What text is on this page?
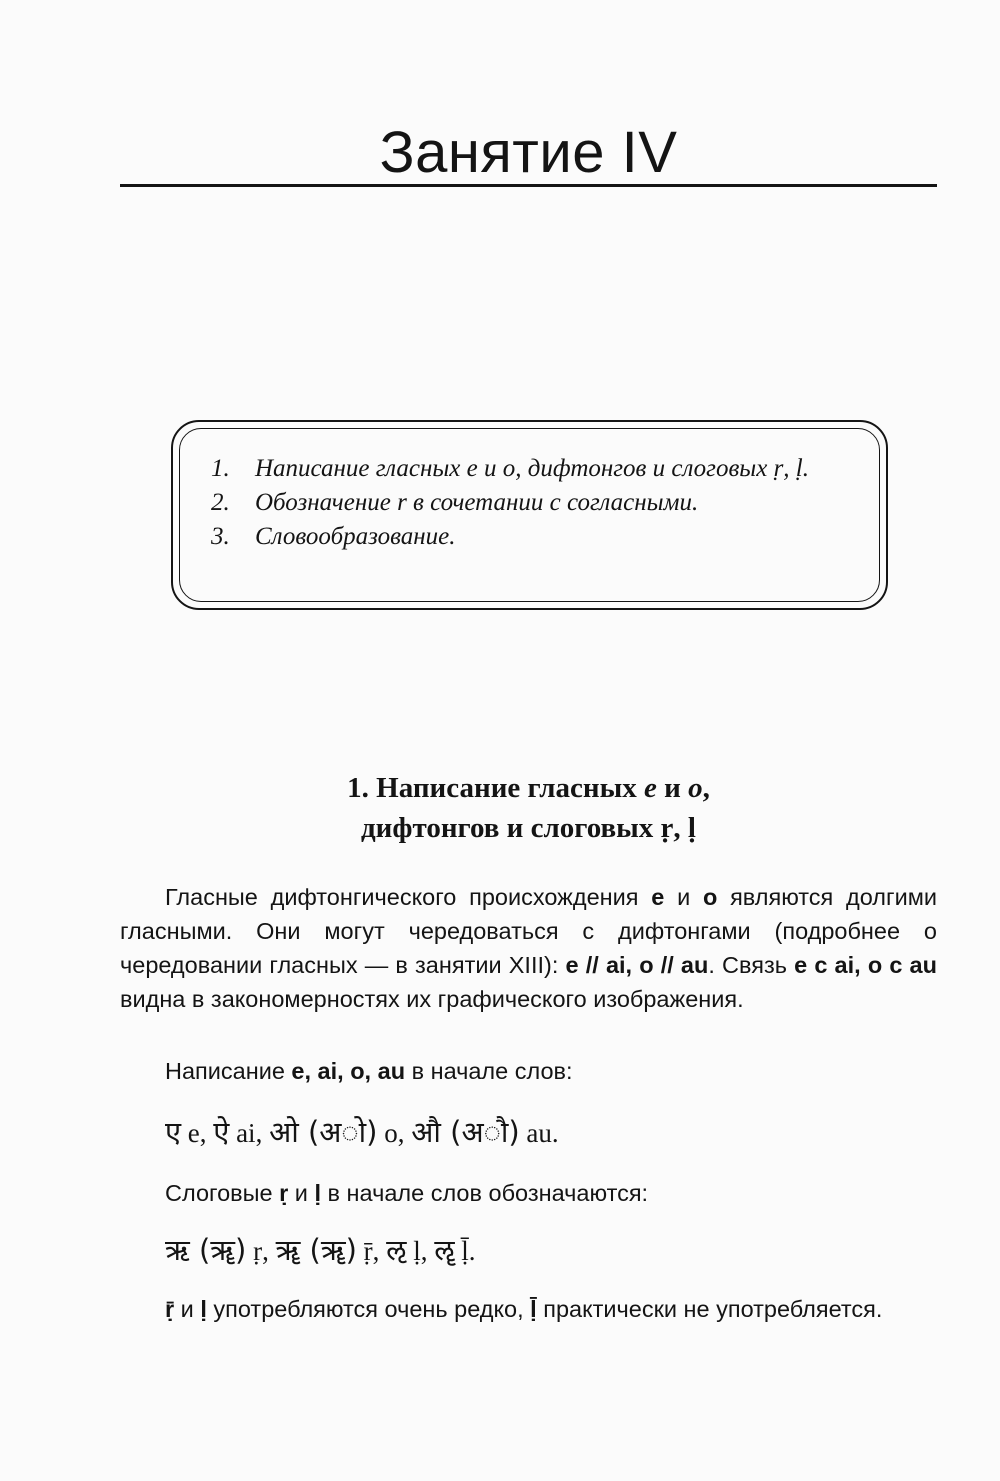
Занятие IV
1. Написание гласных е и о, дифтонгов и слоговых ṛ, ḷ.
2. Обозначение r в сочетании с согласными.
3. Словообразование.
1. Написание гласных е и о,
дифтонгов и слоговых ṛ, ḷ
Гласные дифтонгического происхождения е и о являются долгими гласными. Они могут чередоваться с дифтонгами (подробнее о чередовании гласных — в занятии XIII): е // ai, о // au. Связь е с ai, о с au видна в закономерностях их графического изображения.
Написание е, ai, о, au в начале слов:
ए e, ऐ ai, ओ (अो) o, औ (अौ) au.
Слоговые ṛ и ḷ в начале слов обозначаются:
ऋ (ॠ) ṛ, ॠ (ॠ) ṝ, ऌ ḷ, ॡ ḹ.
ṝ и ḷ употребляются очень редко, ḹ практически не употребляется.
